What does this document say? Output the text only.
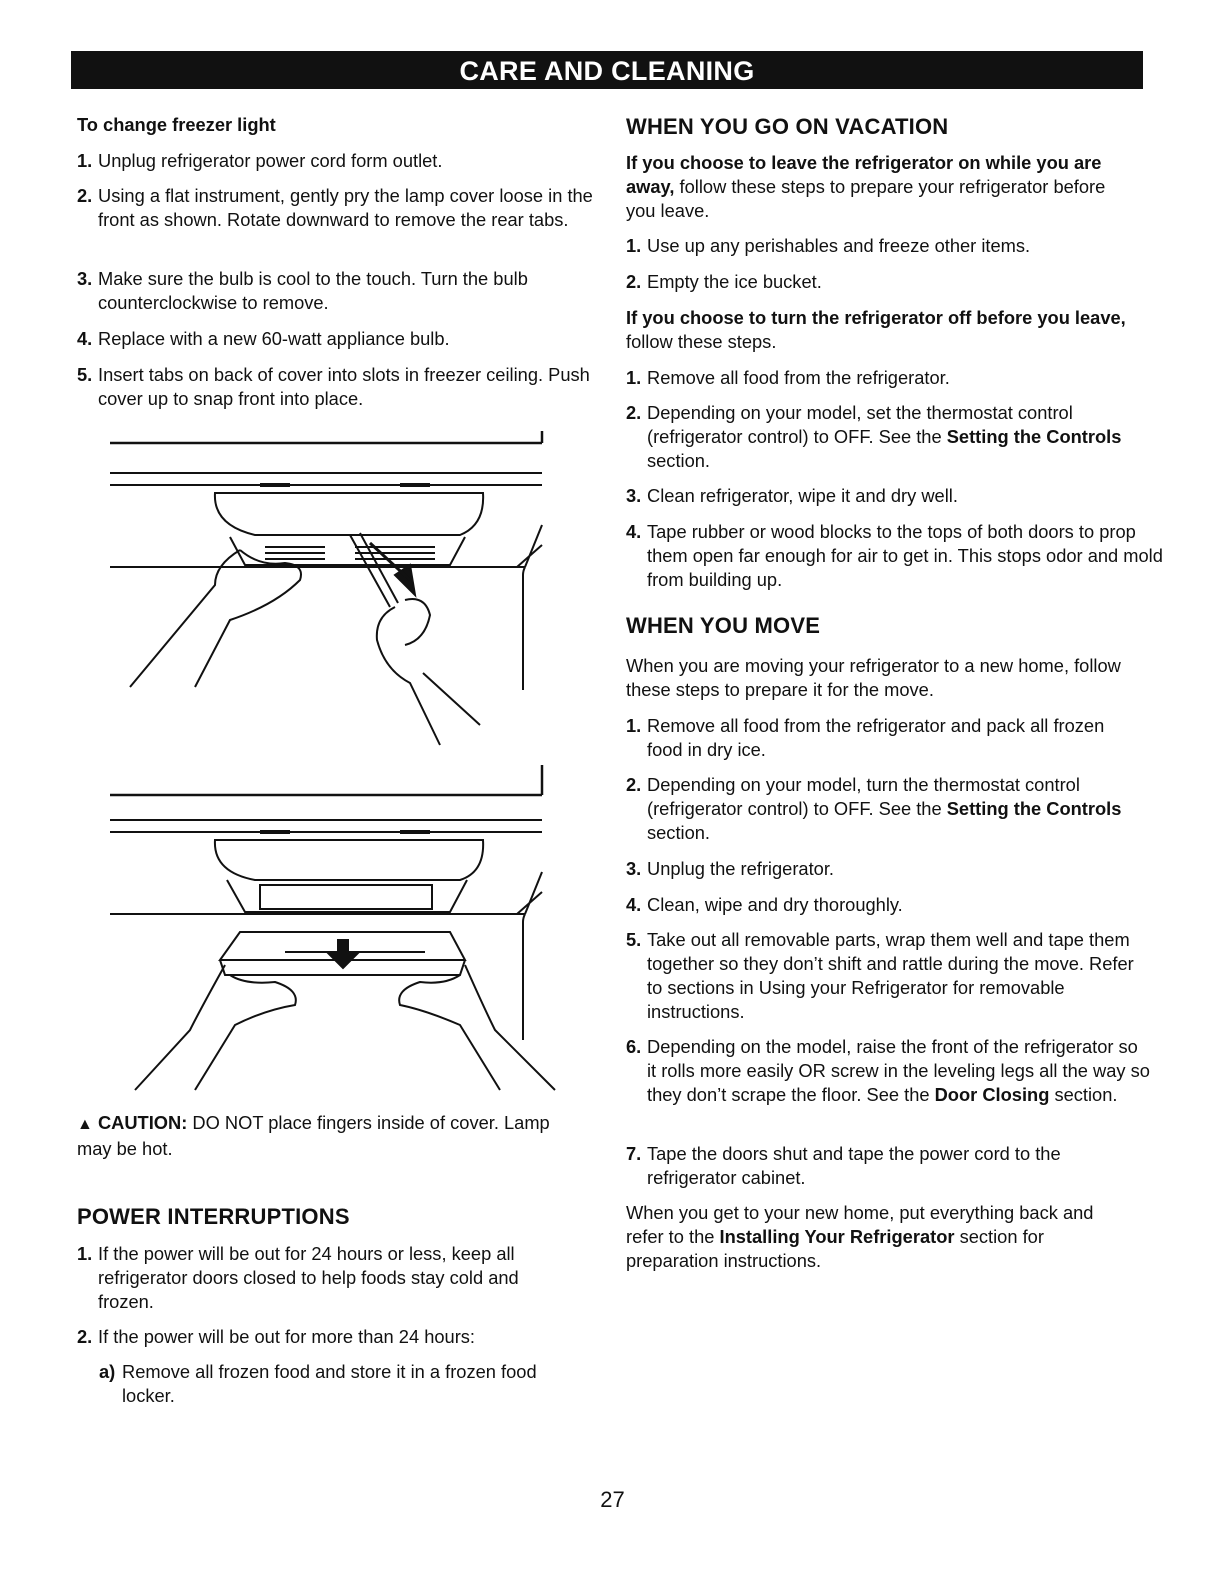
CARE AND CLEANING
To change freezer light
1. Unplug refrigerator power cord form outlet.
2. Using a flat instrument, gently pry the lamp cover loose in the front as shown. Rotate downward to remove the rear tabs.
3. Make sure the bulb is cool to the touch. Turn the bulb counterclockwise to remove.
4. Replace with a new 60-watt appliance bulb.
5. Insert tabs on back of cover into slots in freezer ceiling. Push cover up to snap front into place.
▲ CAUTION: DO NOT place fingers inside of cover. Lamp may be hot.
POWER INTERRUPTIONS
1. If the power will be out for 24 hours or less, keep all refrigerator doors closed to help foods stay cold and frozen.
2. If the power will be out for more than 24 hours:
a) Remove all frozen food and store it in a frozen food locker.
WHEN YOU GO ON VACATION
If you choose to leave the refrigerator on while you are away, follow these steps to prepare your refrigerator before you leave.
1. Use up any perishables and freeze other items.
2. Empty the ice bucket.
If you choose to turn the refrigerator off before you leave, follow these steps.
1. Remove all food from the refrigerator.
2. Depending on your model, set the thermostat control (refrigerator control) to OFF. See the Setting the Controls section.
3. Clean refrigerator, wipe it and dry well.
4. Tape rubber or wood blocks to the tops of both doors to prop them open far enough for air to get in. This stops odor and mold from building up.
WHEN YOU MOVE
When you are moving your refrigerator to a new home, follow these steps to prepare it for the move.
1. Remove all food from the refrigerator and pack all frozen food in dry ice.
2. Depending on your model, turn the thermostat control (refrigerator control) to OFF. See the Setting the Controls section.
3. Unplug the refrigerator.
4. Clean, wipe and dry thoroughly.
5. Take out all removable parts, wrap them well and tape them together so they don’t shift and rattle during the move. Refer to sections in Using your Refrigerator for removable instructions.
6. Depending on the model, raise the front of the refrigerator so it rolls more easily OR screw in the leveling legs all the way so they don’t scrape the floor. See the Door Closing section.
7. Tape the doors shut and tape the power cord to the refrigerator cabinet.
When you get to your new home, put everything back and refer to the Installing Your Refrigerator section for preparation instructions.
27
